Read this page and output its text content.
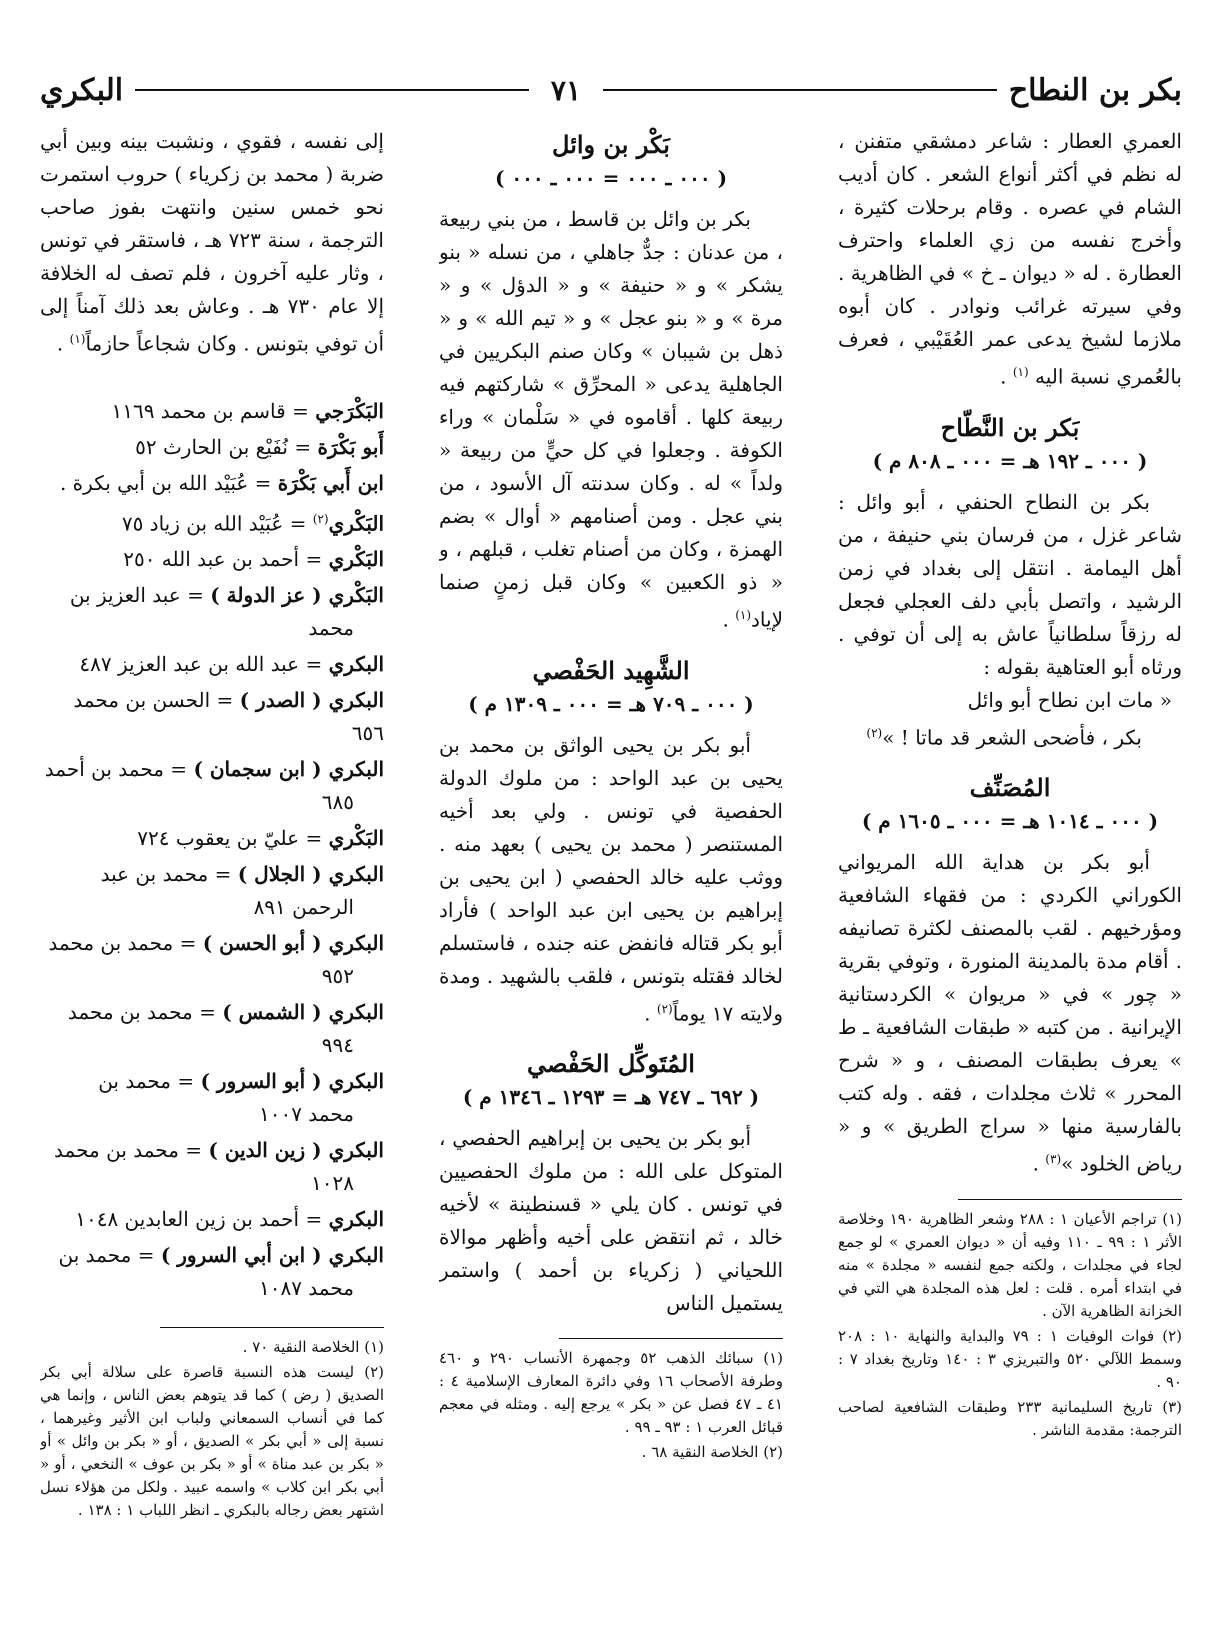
بكر بن النطاح
٧١
البكري

العمري العطار : شاعر دمشقي متفنن ، له نظم في أكثر أنواع الشعر . كان أديب الشام في عصره . وقام برحلات كثيرة ، وأخرج نفسه من زي العلماء واحترف العطارة . له « ديوان ـ خ » في الظاهرية . وفي سيرته غرائب ونوادر . كان أبوه ملازما لشيخ يدعى عمر العُقَيْبي ، فعرف بالعُمري نسبة اليه $^{(١)}$ .

بَكر بن النَّطّاح
( ٠٠٠ ـ ١٩٢ هـ = ٠٠٠ ـ ٨٠٨ م )

بكر بن النطاح الحنفي ، أبو وائل : شاعر غزل ، من فرسان بني حنيفة ، من أهل اليمامة . انتقل إلى بغداد في زمن الرشيد ، واتصل بأبي دلف العجلي فجعل له رزقاً سلطانياً عاش به إلى أن توفي . ورثاه أبو العتاهية بقوله :

« مات ابن نطاح أبو وائل
بكر ، فأضحى الشعر قد ماتا ! »$^{(٢)}$
المُصَنِّف
( ٠٠٠ ـ ١٠١٤ هـ = ٠٠٠ ـ ١٦٠٥ م )

أبو بكر بن هداية الله المريواني الكوراني الكردي : من فقهاء الشافعية ومؤرخيهم . لقب بالمصنف لكثرة تصانيفه . أقام مدة بالمدينة المنورة ، وتوفي بقرية « چور » في « مريوان » الكردستانية الإيرانية . من كتبه « طبقات الشافعية ـ ط » يعرف بطبقات المصنف ، و « شرح المحرر » ثلاث مجلدات ، فقه . وله كتب بالفارسية منها « سراج الطريق » و « رياض الخلود »$^{(٣)}$ .

(١) تراجم الأعيان ١ : ٢٨٨ وشعر الظاهرية ١٩٠ وخلاصة الأثر ١ : ٩٩ ـ ١١٠ وفيه أن « ديوان العمري » لو جمع لجاء في مجلدات ، ولكنه جمع لنفسه « مجلدة » منه في ابتداء أمره . قلت : لعل هذه المجلدة هي التي في الخزانة الظاهرية الآن .

(٢) فوات الوفيات ١ : ٧٩ والبداية والنهاية ١٠ : ٢٠٨ وسمط اللآلي ٥٢٠ والتبريزي ٣ : ١٤٠ وتاريخ بغداد ٧ : ٩٠ .

(٣) تاريخ السليمانية ٢٣٣ وطبقات الشافعية لصاحب الترجمة: مقدمة الناشر .

بَكْر بن وائل
( ٠٠٠ ـ ٠٠٠ = ٠٠٠ ـ ٠٠٠ )

بكر بن وائل بن قاسط ، من بني ربيعة ، من عدنان : جدٌّ جاهلي ، من نسله « بنو يشكر » و « حنيفة » و « الدؤل » و « مرة » و « بنو عجل » و « تيم الله » و « ذهل بن شيبان » وكان صنم البكريين في الجاهلية يدعى « المحرِّق » شاركتهم فيه ربيعة كلها . أقاموه في « سَلْمان » وراء الكوفة . وجعلوا في كل حيٍّ من ربيعة « ولداً » له . وكان سدنته آل الأسود ، من بني عجل . ومن أصنامهم « أوال » بضم الهمزة ، وكان من أصنام تغلب ، قبلهم ، و « ذو الكعبين » وكان قبل زمنٍ صنما لإياد$^{(١)}$ .

الشَّهِيد الحَفْصي
( ٠٠٠ ـ ٧٠٩ هـ = ٠٠٠ ـ ١٣٠٩ م )

أبو بكر بن يحيى الواثق بن محمد بن يحيى بن عبد الواحد : من ملوك الدولة الحفصية في تونس . ولي بعد أخيه المستنصر ( محمد بن يحيى ) بعهد منه . ووثب عليه خالد الحفصي ( ابن يحيى بن إبراهيم بن يحيى ابن عبد الواحد ) فأراد أبو بكر قتاله فانفض عنه جنده ، فاستسلم لخالد فقتله بتونس ، فلقب بالشهيد . ومدة ولايته ١٧ يوماً$^{(٢)}$ .

المُتَوكِّل الحَفْصي
( ٦٩٢ ـ ٧٤٧ هـ = ١٢٩٣ ـ ١٣٤٦ م )

أبو بكر بن يحيى بن إبراهيم الحفصي ، المتوكل على الله : من ملوك الحفصيين في تونس . كان يلي « قسنطينة » لأخيه خالد ، ثم انتقض على أخيه وأظهر موالاة اللحياني ( زكرياء بن أحمد ) واستمر يستميل الناس

(١) سبائك الذهب ٥٢ وجمهرة الأنساب ٢٩٠ و ٤٦٠ وطرفة الأصحاب ١٦ وفي دائرة المعارف الإسلامية ٤ : ٤١ ـ ٤٧ فصل عن « بكر » يرجع إليه . ومثله في معجم قبائل العرب ١ : ٩٣ ـ ٩٩ .

(٢) الخلاصة النقية ٦٨ .

إلى نفسه ، فقوي ، ونشبت بينه وبين أبي ضربة ( محمد بن زكرياء ) حروب استمرت نحو خمس سنين وانتهت بفوز صاحب الترجمة ، سنة ٧٢٣ هـ ، فاستقر في تونس ، وثار عليه آخرون ، فلم تصف له الخلافة إلا عام ٧٣٠ هـ . وعاش بعد ذلك آمناً إلى أن توفي بتونس . وكان شجاعاً حازماً$^{(١)}$ .

البَكْرَجي = قاسم بن محمد ١١٦٩
أَبو بَكْرَة = نُفَيْع بن الحارث ٥٢
ابن أَبي بَكْرَة = عُبَيْد الله بن أبي بكرة .
البَكْري$^{(٢)}$ = عُبَيْد الله بن زياد ٧٥
البَكْري = أحمد بن عبد الله ٢٥٠
البَكْري ( عز الدولة ) = عبد العزيز بن
محمد
البكري = عبد الله بن عبد العزيز ٤٨٧
البكري ( الصدر ) = الحسن بن محمد ٦٥٦
البكري ( ابن سجمان ) = محمد بن أحمد
٦٨٥
البَكْري = عليّ بن يعقوب ٧٢٤
البكري ( الجلال ) = محمد بن عبد
الرحمن ٨٩١
البكري ( أبو الحسن ) = محمد بن محمد
٩٥٢
البكري ( الشمس ) = محمد بن محمد
٩٩٤
البكري ( أبو السرور ) = محمد بن
محمد ١٠٠٧
البكري ( زين الدين ) = محمد بن محمد
١٠٢٨
البكري = أحمد بن زين العابدين ١٠٤٨
البكري ( ابن أبي السرور ) = محمد بن
محمد ١٠٨٧

(١) الخلاصة النقية ٧٠ .

(٢) ليست هذه النسبة قاصرة على سلالة أبي بكر الصديق ( رض ) كما قد يتوهم بعض الناس ، وإنما هي كما في أنساب السمعاني ولباب ابن الأثير وغيرهما ، نسبة إلى « أبي بكر » الصديق ، أو « بكر بن وائل » أو « بكر بن عبد مناة » أو « بكر بن عوف » النخعي ، أو « أبي بكر ابن كلاب » واسمه عبيد . ولكل من هؤلاء نسل اشتهر بعض رجاله بالبكري ـ انظر اللباب ١ : ١٣٨ .
